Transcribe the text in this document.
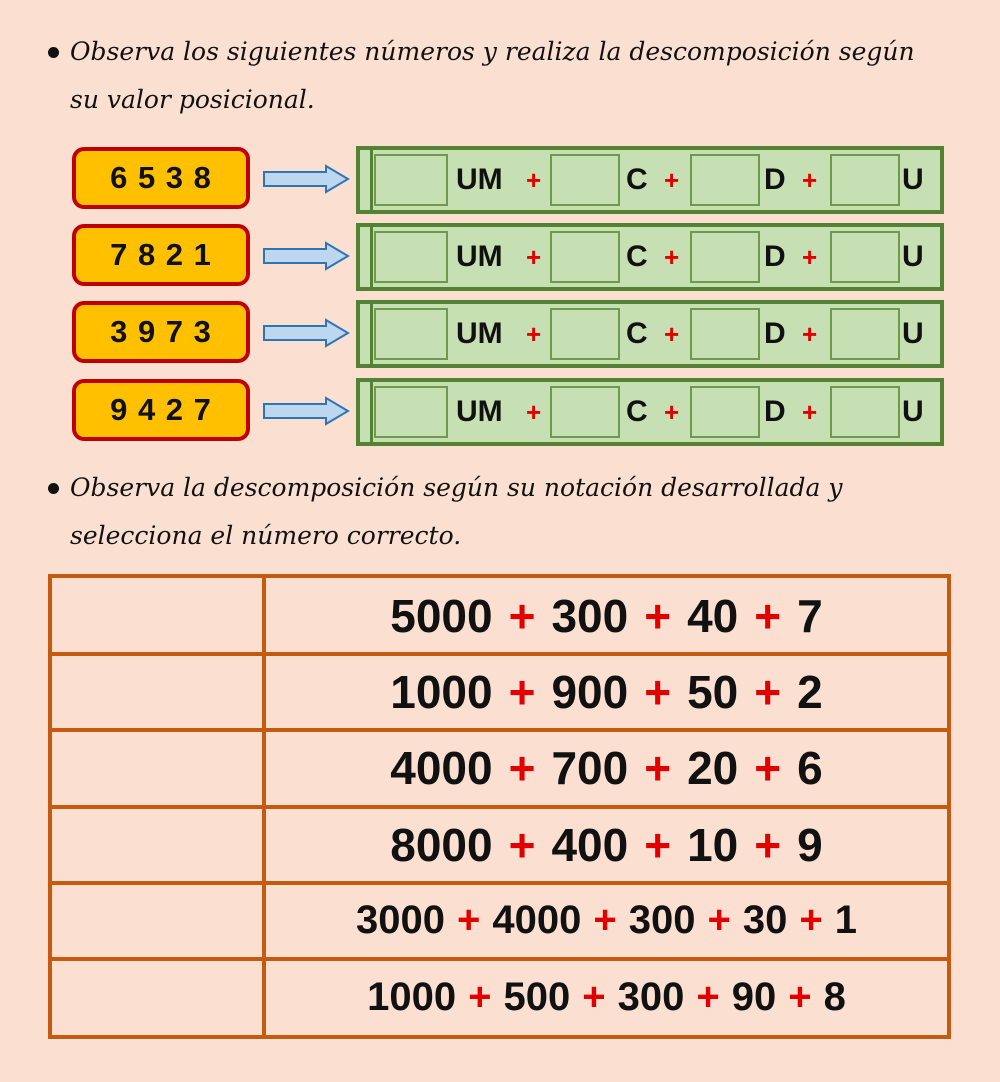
Observa los siguientes números y realiza la descomposición según su valor posicional.
6 5 3 8	UM +	C +	D +	U
7 8 2 1	UM +	C +	D +	U
3 9 7 3	UM +	C +	D +	U
9 4 2 7	UM +	C +	D +	U
Observa la descomposición según su notación desarrollada y selecciona el número correcto.
5000 + 300 + 40 + 7
1000 + 900 + 50 + 2
4000 + 700 + 20 + 6
8000 + 400 + 10 + 9
3000 + 4000 + 300 + 30 + 1
1000 + 500 + 300 + 90 + 8
